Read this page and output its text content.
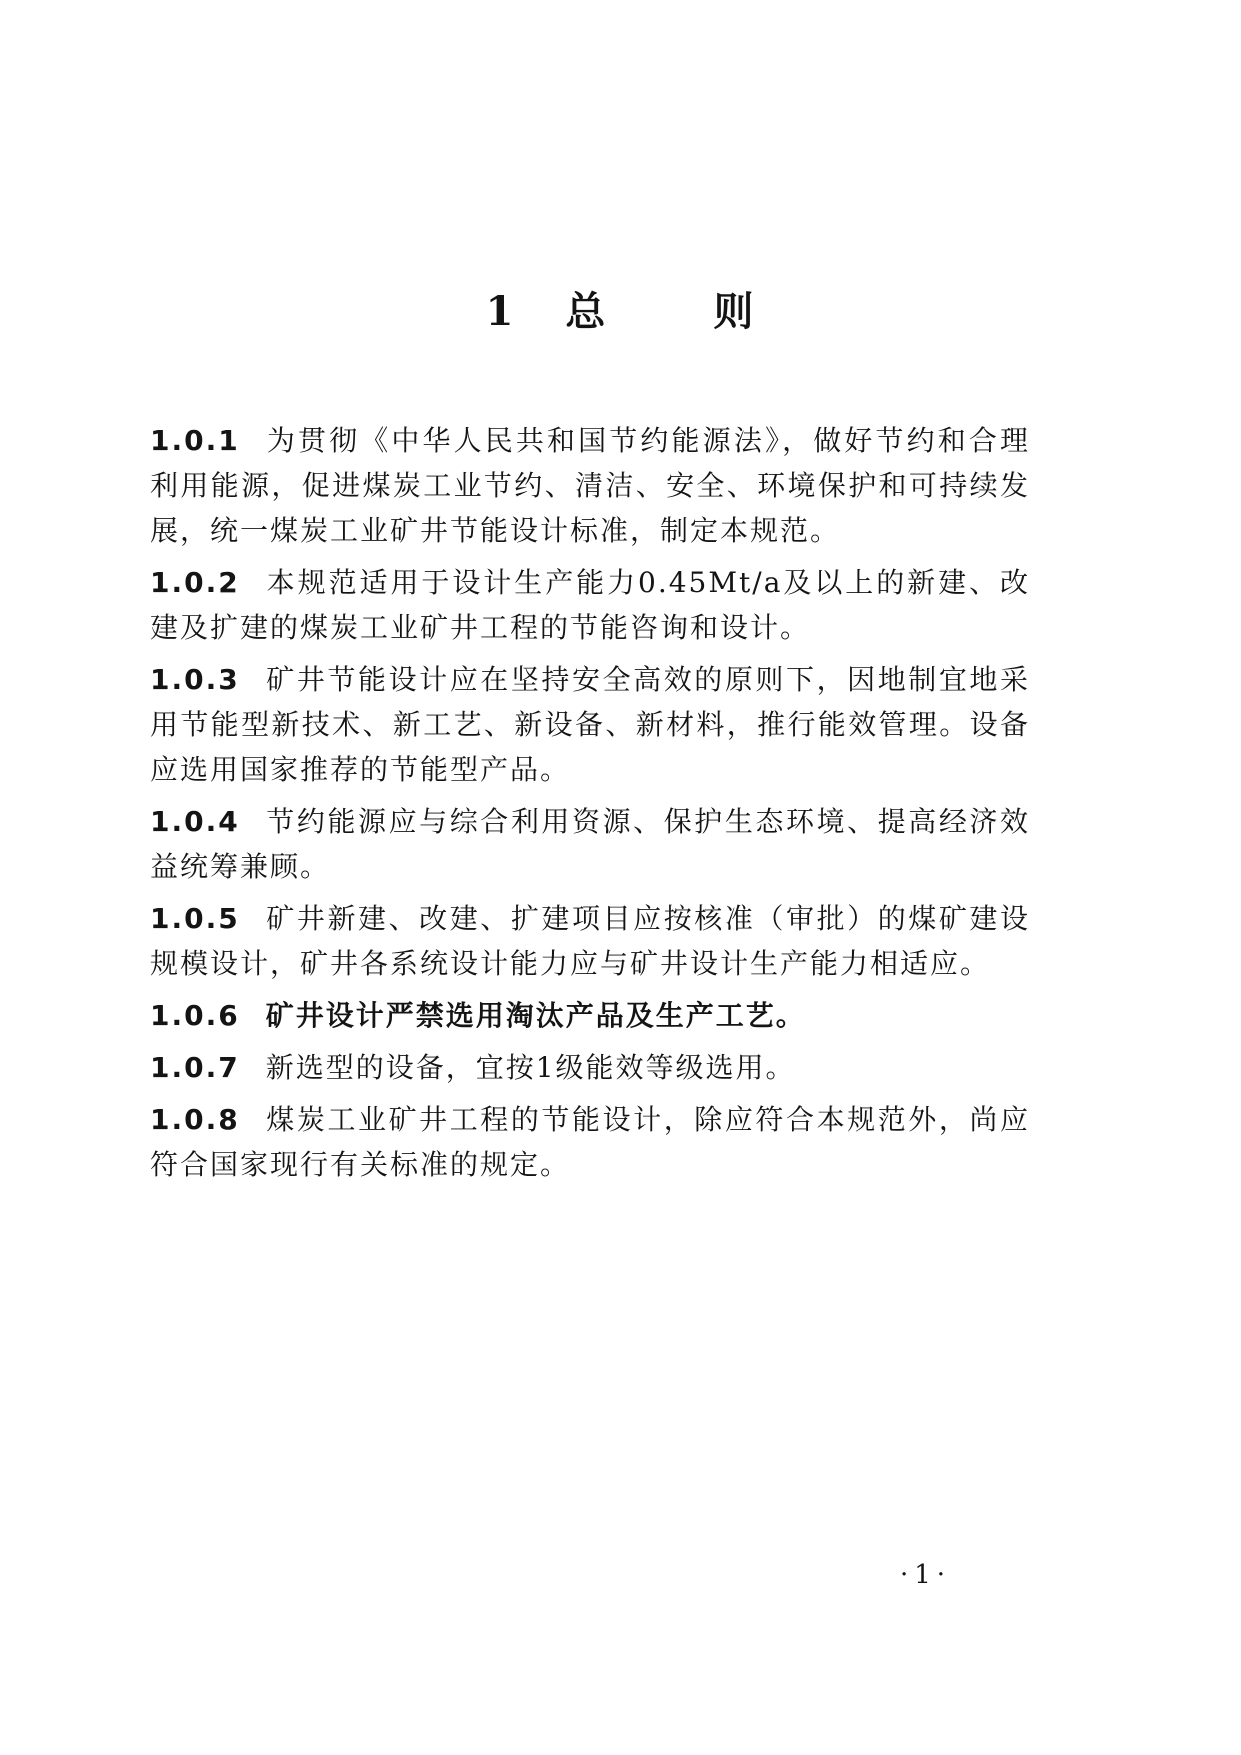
1 总	则

1.0.1 为贯彻《中华人民共和国节约能源法》，做好节约和合理利用能源，促进煤炭工业节约、清洁、安全、环境保护和可持续发展，统一煤炭工业矿井节能设计标准，制定本规范。

1.0.2 本规范适用于设计生产能力0.45Mt/a及以上的新建、改建及扩建的煤炭工业矿井工程的节能咨询和设计。

1.0.3 矿井节能设计应在坚持安全高效的原则下，因地制宜地采用节能型新技术、新工艺、新设备、新材料，推行能效管理。设备应选用国家推荐的节能型产品。

1.0.4 节约能源应与综合利用资源、保护生态环境、提高经济效益统筹兼顾。

1.0.5 矿井新建、改建、扩建项目应按核准（审批）的煤矿建设规模设计，矿井各系统设计能力应与矿井设计生产能力相适应。

1.0.6 矿井设计严禁选用淘汰产品及生产工艺。

1.0.7 新选型的设备，宜按1级能效等级选用。

1.0.8 煤炭工业矿井工程的节能设计，除应符合本规范外，尚应符合国家现行有关标准的规定。

·1·
